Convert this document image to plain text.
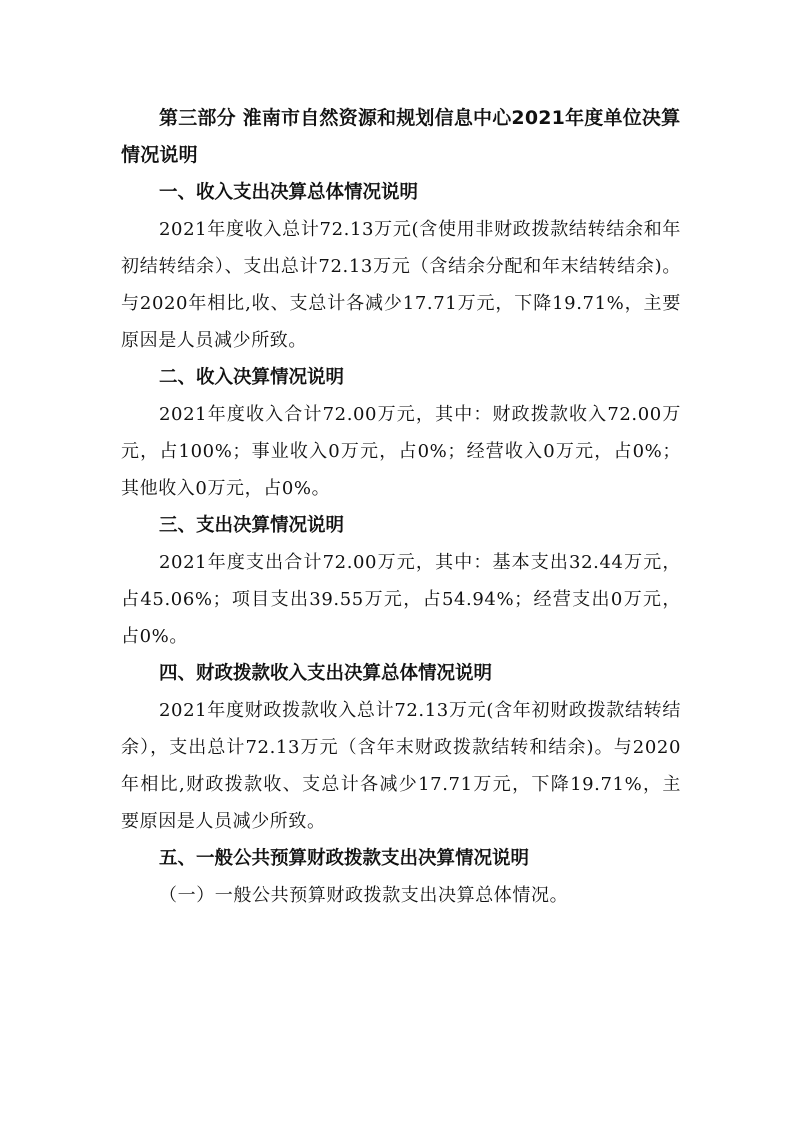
第三部分 淮南市自然资源和规划信息中心2021年度单位决算情况说明

一、收入支出决算总体情况说明

2021年度收入总计72.13万元(含使用非财政拨款结转结余和年初结转结余）、支出总计72.13万元（含结余分配和年末结转结余)。与2020年相比,收、支总计各减少17.71万元，下降19.71%，主要原因是人员减少所致。

二、收入决算情况说明

2021年度收入合计72.00万元，其中：财政拨款收入72.00万元，占100%；事业收入0万元，占0%；经营收入0万元，占0%；其他收入0万元，占0%。

三、支出决算情况说明

2021年度支出合计72.00万元，其中：基本支出32.44万元，占45.06%；项目支出39.55万元，占54.94%；经营支出0万元，占0%。

四、财政拨款收入支出决算总体情况说明

2021年度财政拨款收入总计72.13万元(含年初财政拨款结转结余），支出总计72.13万元（含年末财政拨款结转和结余)。与2020年相比,财政拨款收、支总计各减少17.71万元，下降19.71%，主要原因是人员减少所致。

五、一般公共预算财政拨款支出决算情况说明

（一）一般公共预算财政拨款支出决算总体情况。
